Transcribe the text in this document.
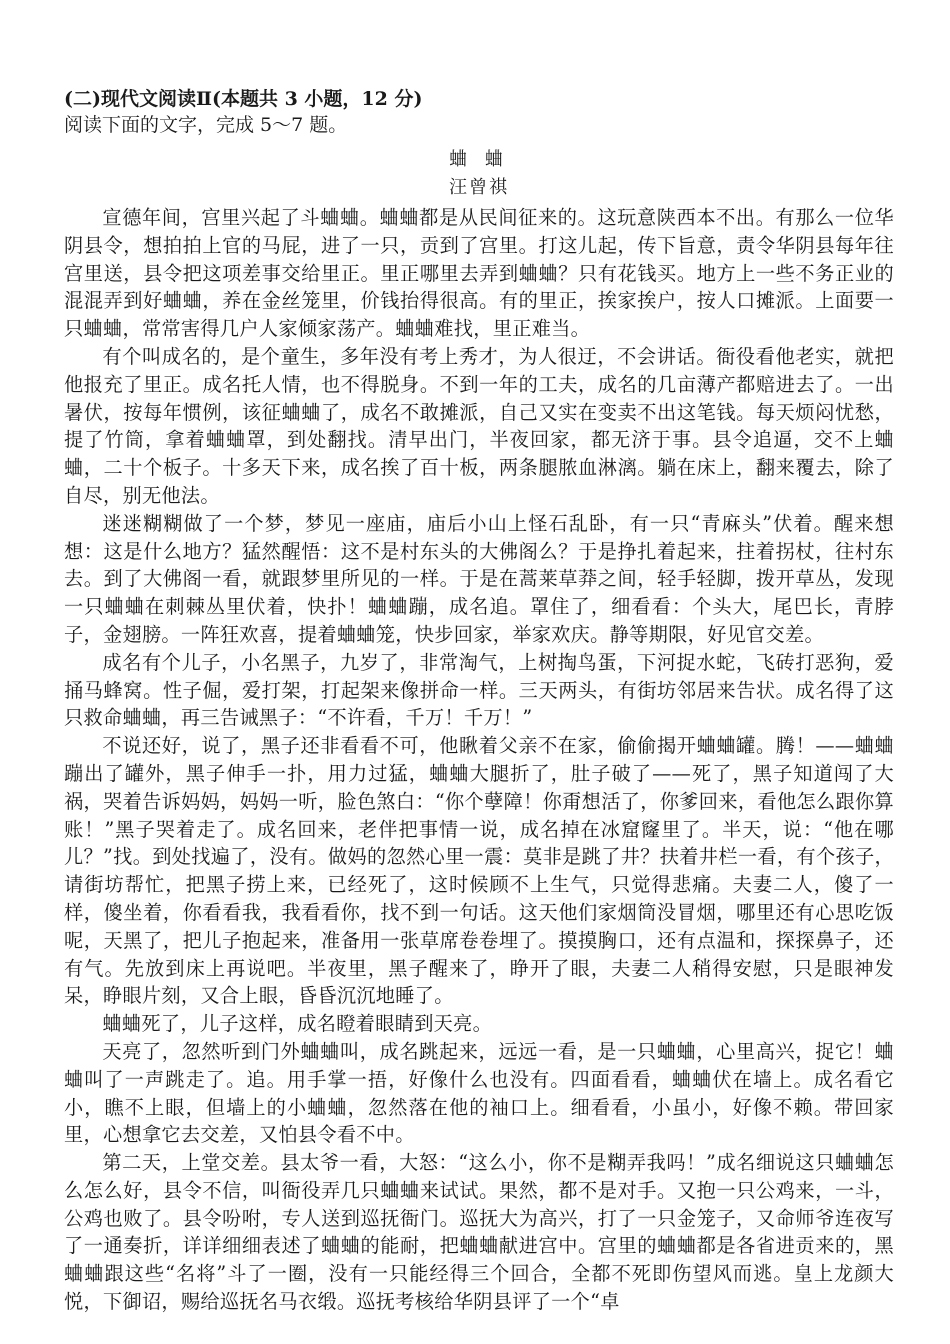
(二)现代文阅读Ⅱ(本题共 3 小题，12 分)

阅读下面的文字，完成 5～7 题。

蛐 蛐

汪曾祺

宣德年间，宫里兴起了斗蛐蛐。蛐蛐都是从民间征来的。这玩意陕西本不出。有那么一位华阴县令，想拍拍上官的马屁，进了一只，贡到了宫里。打这儿起，传下旨意，责令华阴县每年往宫里送，县令把这项差事交给里正。里正哪里去弄到蛐蛐？只有花钱买。地方上一些不务正业的混混弄到好蛐蛐，养在金丝笼里，价钱抬得很高。有的里正，挨家挨户，按人口摊派。上面要一只蛐蛐，常常害得几户人家倾家荡产。蛐蛐难找，里正难当。

有个叫成名的，是个童生，多年没有考上秀才，为人很迂，不会讲话。衙役看他老实，就把他报充了里正。成名托人情，也不得脱身。不到一年的工夫，成名的几亩薄产都赔进去了。一出暑伏，按每年惯例，该征蛐蛐了，成名不敢摊派，自己又实在变卖不出这笔钱。每天烦闷忧愁，提了竹筒，拿着蛐蛐罩，到处翻找。清早出门，半夜回家，都无济于事。县令追逼，交不上蛐蛐，二十个板子。十多天下来，成名挨了百十板，两条腿脓血淋漓。躺在床上，翻来覆去，除了自尽，别无他法。

迷迷糊糊做了一个梦，梦见一座庙，庙后小山上怪石乱卧，有一只“青麻头”伏着。醒来想想：这是什么地方？猛然醒悟：这不是村东头的大佛阁么？于是挣扎着起来，拄着拐杖，往村东去。到了大佛阁一看，就跟梦里所见的一样。于是在蒿莱草莽之间，轻手轻脚，拨开草丛，发现一只蛐蛐在刺棘丛里伏着，快扑！蛐蛐蹦，成名追。罩住了，细看看：个头大，尾巴长，青脖子，金翅膀。一阵狂欢喜，提着蛐蛐笼，快步回家，举家欢庆。静等期限，好见官交差。

成名有个儿子，小名黑子，九岁了，非常淘气，上树掏鸟蛋，下河捉水蛇，飞砖打恶狗，爱捅马蜂窝。性子倔，爱打架，打起架来像拼命一样。三天两头，有街坊邻居来告状。成名得了这只救命蛐蛐，再三告诫黑子：“不许看，千万！千万！”

不说还好，说了，黑子还非看看不可，他瞅着父亲不在家，偷偷揭开蛐蛐罐。腾！——蛐蛐蹦出了罐外，黑子伸手一扑，用力过猛，蛐蛐大腿折了，肚子破了——死了，黑子知道闯了大祸，哭着告诉妈妈，妈妈一听，脸色煞白：“你个孽障！你甭想活了，你爹回来，看他怎么跟你算账！”黑子哭着走了。成名回来，老伴把事情一说，成名掉在冰窟窿里了。半天，说：“他在哪儿？”找。到处找遍了，没有。做妈的忽然心里一震：莫非是跳了井？扶着井栏一看，有个孩子，请街坊帮忙，把黑子捞上来，已经死了，这时候顾不上生气，只觉得悲痛。夫妻二人，傻了一样，傻坐着，你看看我，我看看你，找不到一句话。这天他们家烟筒没冒烟，哪里还有心思吃饭呢，天黑了，把儿子抱起来，准备用一张草席卷卷埋了。摸摸胸口，还有点温和，探探鼻子，还有气。先放到床上再说吧。半夜里，黑子醒来了，睁开了眼，夫妻二人稍得安慰，只是眼神发呆，睁眼片刻，又合上眼，昏昏沉沉地睡了。

蛐蛐死了，儿子这样，成名瞪着眼睛到天亮。

天亮了，忽然听到门外蛐蛐叫，成名跳起来，远远一看，是一只蛐蛐，心里高兴，捉它！蛐蛐叫了一声跳走了。追。用手掌一捂，好像什么也没有。四面看看，蛐蛐伏在墙上。成名看它小，瞧不上眼，但墙上的小蛐蛐，忽然落在他的袖口上。细看看，小虽小，好像不赖。带回家里，心想拿它去交差，又怕县令看不中。

第二天，上堂交差。县太爷一看，大怒：“这么小，你不是糊弄我吗！”成名细说这只蛐蛐怎么怎么好，县令不信，叫衙役弄几只蛐蛐来试试。果然，都不是对手。又抱一只公鸡来，一斗，公鸡也败了。县令吩咐，专人送到巡抚衙门。巡抚大为高兴，打了一只金笼子，又命师爷连夜写了一通奏折，详详细细表述了蛐蛐的能耐，把蛐蛐献进宫中。宫里的蛐蛐都是各省进贡来的，黑蛐蛐跟这些“名将”斗了一圈，没有一只能经得三个回合，全都不死即伤望风而逃。皇上龙颜大悦，下御诏，赐给巡抚名马衣缎。巡抚考核给华阴县评了一个“卓
